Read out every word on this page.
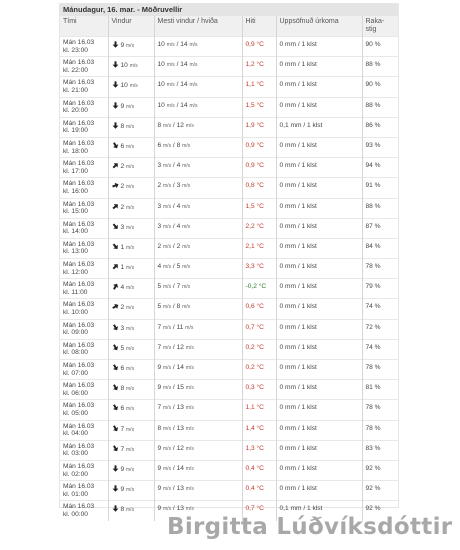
Mánudagur, 16. mar. - Möðruvellir
Tími	Vindur	Mesti vindur / hviða	Hiti	Uppsöfnuð úrkoma	Raka-stig
Mán 16.03
kl. 23:00	9 m/s	10 m/s / 14 m/s	0,9 °C	0 mm / 1 klst	90 %
Mán 16.03
kl. 22:00	10 m/s	10 m/s / 14 m/s	1,2 °C	0 mm / 1 klst	88 %
Mán 16.03
kl. 21:00	10 m/s	10 m/s / 14 m/s	1,1 °C	0 mm / 1 klst	90 %
Mán 16.03
kl. 20:00	9 m/s	10 m/s / 14 m/s	1,5 °C	0 mm / 1 klst	88 %
Mán 16.03
kl. 19:00	8 m/s	8 m/s / 12 m/s	1,9 °C	0,1 mm / 1 klst	86 %
Mán 16.03
kl. 18:00	6 m/s	6 m/s / 8 m/s	0,9 °C	0 mm / 1 klst	93 %
Mán 16.03
kl. 17:00	2 m/s	3 m/s / 4 m/s	0,9 °C	0 mm / 1 klst	94 %
Mán 16.03
kl. 16:00	2 m/s	2 m/s / 3 m/s	0,8 °C	0 mm / 1 klst	91 %
Mán 16.03
kl. 15:00	2 m/s	3 m/s / 4 m/s	1,5 °C	0 mm / 1 klst	88 %
Mán 16.03
kl. 14:00	3 m/s	3 m/s / 4 m/s	2,2 °C	0 mm / 1 klst	87 %
Mán 16.03
kl. 13:00	1 m/s	2 m/s / 2 m/s	2,1 °C	0 mm / 1 klst	84 %
Mán 16.03
kl. 12:00	1 m/s	4 m/s / 5 m/s	3,3 °C	0 mm / 1 klst	78 %
Mán 16.03
kl. 11:00	4 m/s	5 m/s / 7 m/s	-0,2 °C	0 mm / 1 klst	79 %
Mán 16.03
kl. 10:00	2 m/s	5 m/s / 8 m/s	0,6 °C	0 mm / 1 klst	74 %
Mán 16.03
kl. 09:00	3 m/s	7 m/s / 11 m/s	0,7 °C	0 mm / 1 klst	72 %
Mán 16.03
kl. 08:00	5 m/s	7 m/s / 12 m/s	0,2 °C	0 mm / 1 klst	74 %
Mán 16.03
kl. 07:00	6 m/s	9 m/s / 14 m/s	0,2 °C	0 mm / 1 klst	78 %
Mán 16.03
kl. 06:00	8 m/s	9 m/s / 15 m/s	0,3 °C	0 mm / 1 klst	81 %
Mán 16.03
kl. 05:00	6 m/s	7 m/s / 13 m/s	1,1 °C	0 mm / 1 klst	78 %
Mán 16.03
kl. 04:00	7 m/s	8 m/s / 13 m/s	1,4 °C	0 mm / 1 klst	78 %
Mán 16.03
kl. 03:00	7 m/s	9 m/s / 12 m/s	1,3 °C	0 mm / 1 klst	83 %
Mán 16.03
kl. 02:00	9 m/s	9 m/s / 14 m/s	0,4 °C	0 mm / 1 klst	92 %
Mán 16.03
kl. 01:00	9 m/s	9 m/s / 13 m/s	0,4 °C	0 mm / 1 klst	92 %
Mán 16.03
kl. 00:00	8 m/s	9 m/s / 13 m/s	0,7 °C	0,1 mm / 1 klst	92 %
Birgitta Lúðvíksdóttir
